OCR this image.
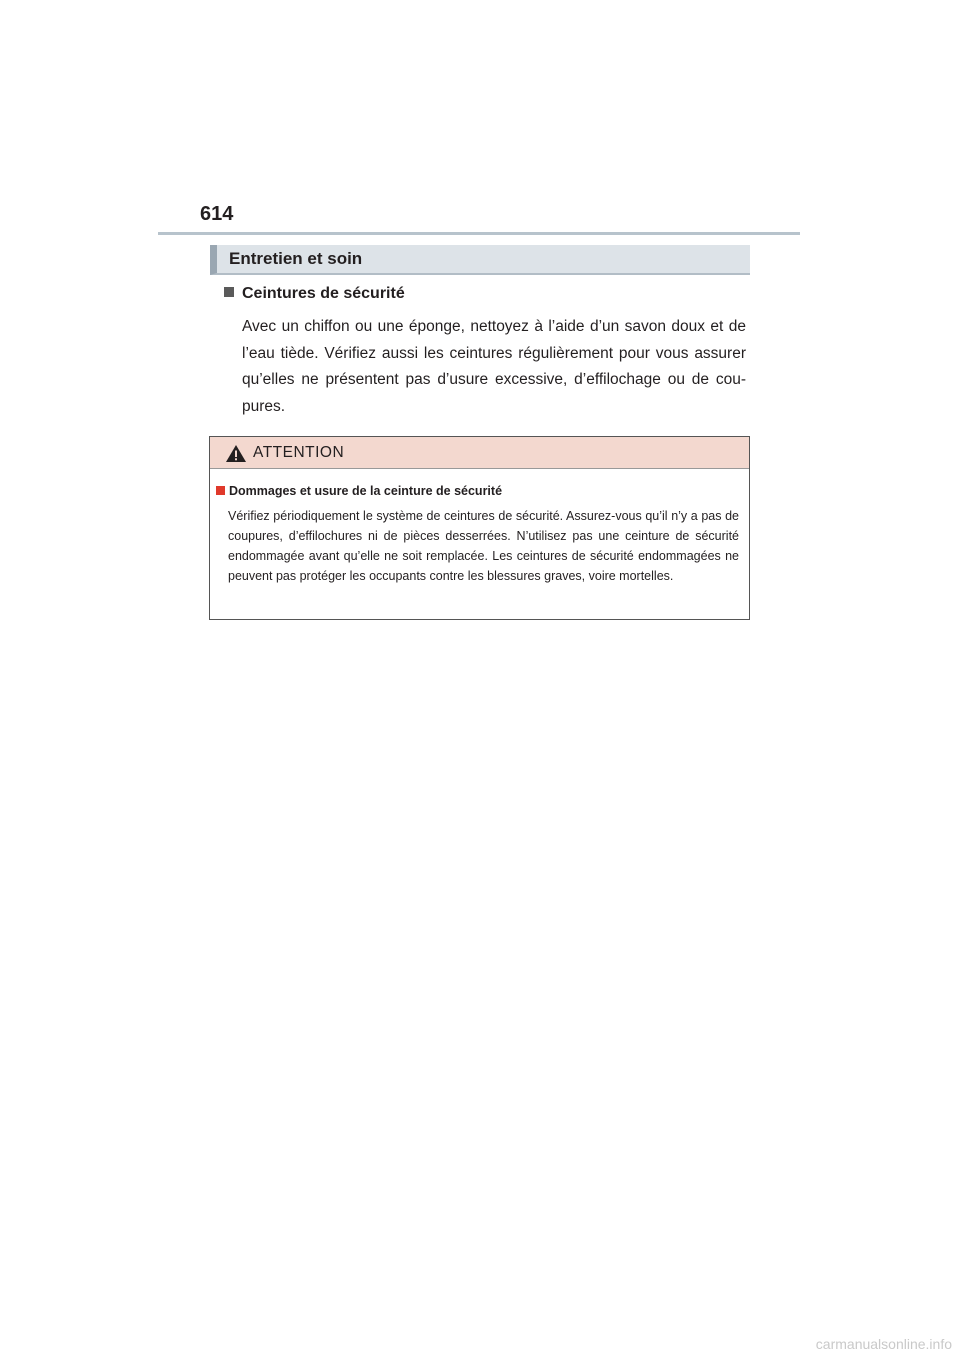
614
Entretien et soin
Ceintures de sécurité
Avec un chiffon ou une éponge, nettoyez à l’aide d’un savon doux et de l’eau tiède. Vérifiez aussi les ceintures régulièrement pour vous assurer qu’elles ne présentent pas d’usure excessive, d’effilochage ou de cou-pures.
ATTENTION
Dommages et usure de la ceinture de sécurité
Vérifiez périodiquement le système de ceintures de sécurité. Assurez-vous qu’il n’y a pas de coupures, d’effilochures ni de pièces desserrées. N’utilisez pas une ceinture de sécurité endommagée avant qu’elle ne soit remplacée. Les ceintures de sécurité endommagées ne peuvent pas protéger les occupants contre les blessures graves, voire mortelles.
carmanualsonline.info
